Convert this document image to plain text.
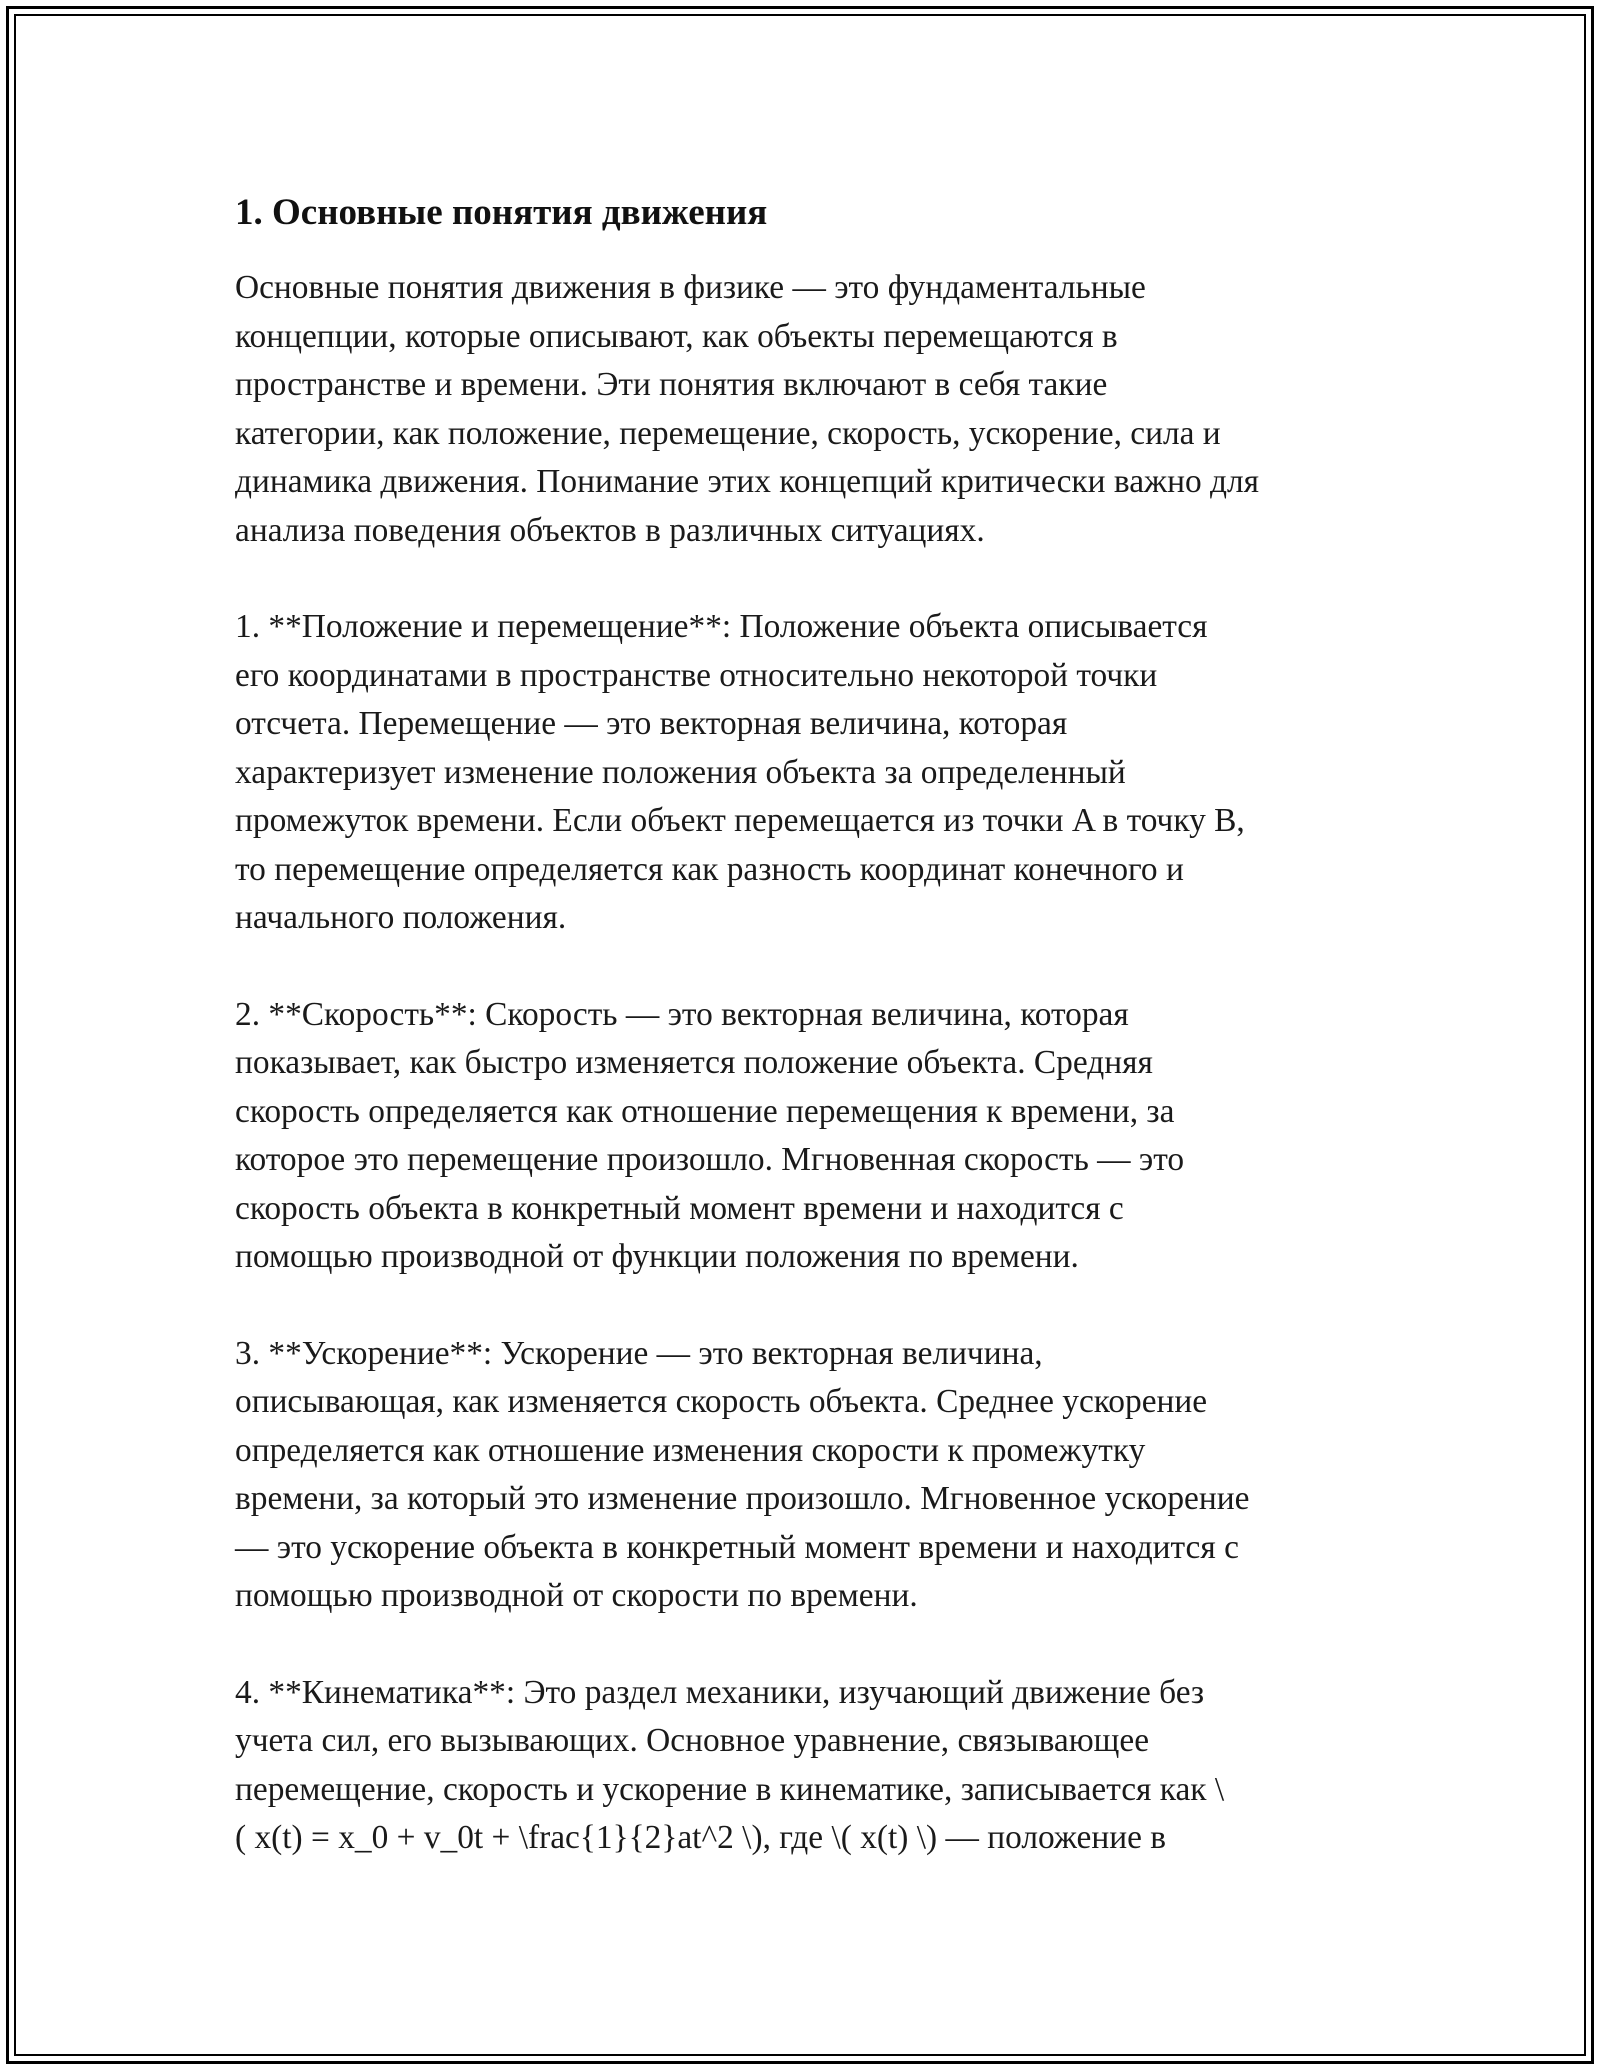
1. Основные понятия движения

Основные понятия движения в физике — это фундаментальные
концепции, которые описывают, как объекты перемещаются в
пространстве и времени. Эти понятия включают в себя такие
категории, как положение, перемещение, скорость, ускорение, сила и
динамика движения. Понимание этих концепций критически важно для
анализа поведения объектов в различных ситуациях.

1. **Положение и перемещение**: Положение объекта описывается
его координатами в пространстве относительно некоторой точки
отсчета. Перемещение — это векторная величина, которая
характеризует изменение положения объекта за определенный
промежуток времени. Если объект перемещается из точки A в точку B,
то перемещение определяется как разность координат конечного и
начального положения.

2. **Скорость**: Скорость — это векторная величина, которая
показывает, как быстро изменяется положение объекта. Средняя
скорость определяется как отношение перемещения к времени, за
которое это перемещение произошло. Мгновенная скорость — это
скорость объекта в конкретный момент времени и находится с
помощью производной от функции положения по времени.

3. **Ускорение**: Ускорение — это векторная величина,
описывающая, как изменяется скорость объекта. Среднее ускорение
определяется как отношение изменения скорости к промежутку
времени, за который это изменение произошло. Мгновенное ускорение
— это ускорение объекта в конкретный момент времени и находится с
помощью производной от скорости по времени.

4. **Кинематика**: Это раздел механики, изучающий движение без
учета сил, его вызывающих. Основное уравнение, связывающее
перемещение, скорость и ускорение в кинематике, записывается как \
( x(t) = x_0 + v_0t + \frac{1}{2}at^2 \), где \( x(t) \) — положение в
